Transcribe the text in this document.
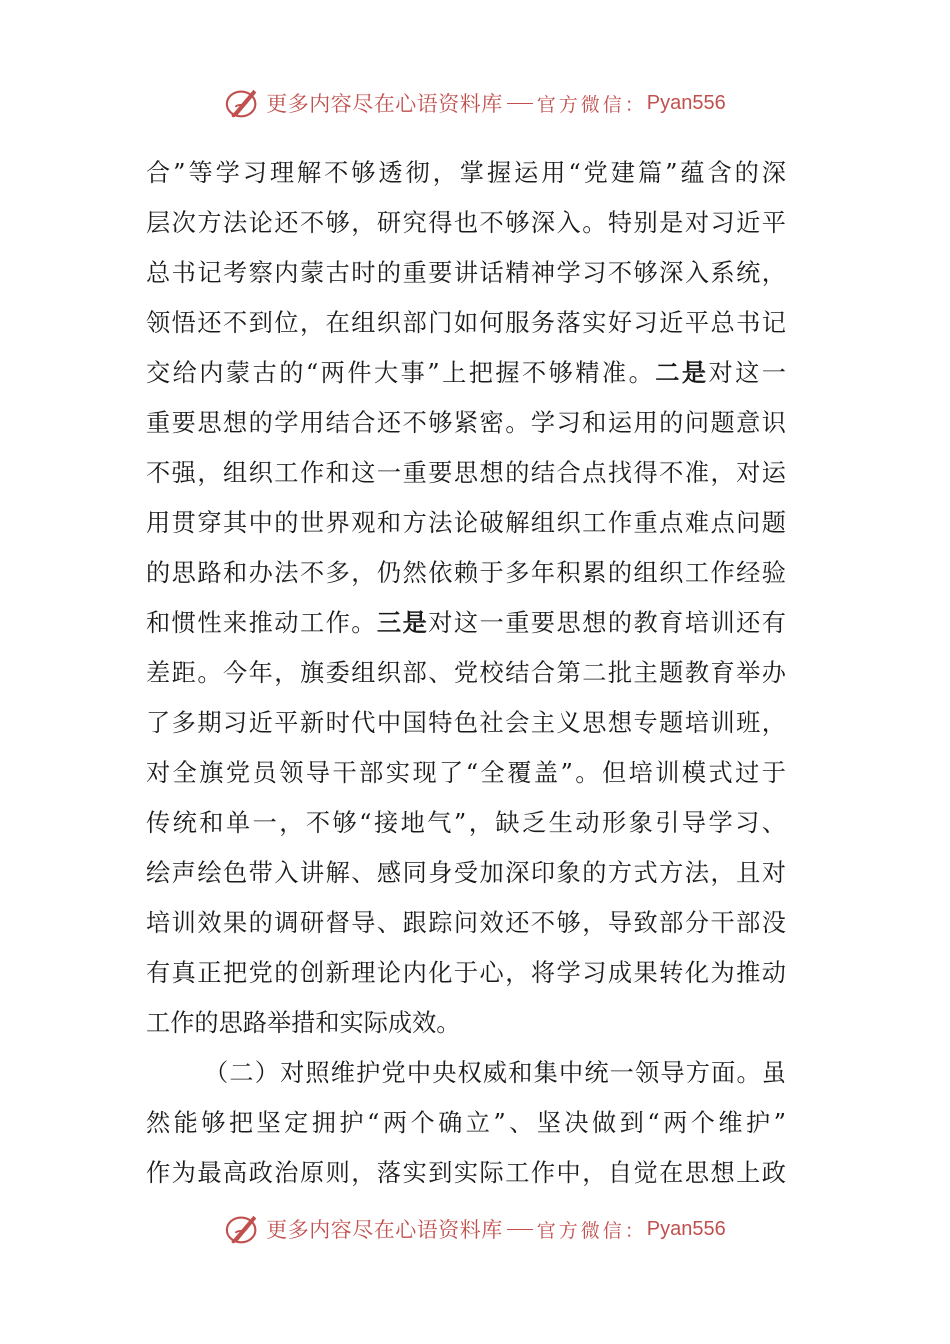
更多内容尽在心语资料库 官方微信： Pyan556
合”等学习理解不够透彻，掌握运用“党建篇”蕴含的深
层次方法论还不够，研究得也不够深入。特别是对习近平
总书记考察内蒙古时的重要讲话精神学习不够深入系统，
领悟还不到位，在组织部门如何服务落实好习近平总书记
交给内蒙古的“两件大事”上把握不够精准。二是对这一
重要思想的学用结合还不够紧密。学习和运用的问题意识
不强，组织工作和这一重要思想的结合点找得不准，对运
用贯穿其中的世界观和方法论破解组织工作重点难点问题
的思路和办法不多，仍然依赖于多年积累的组织工作经验
和惯性来推动工作。三是对这一重要思想的教育培训还有
差距。今年，旗委组织部、党校结合第二批主题教育举办
了多期习近平新时代中国特色社会主义思想专题培训班，
对全旗党员领导干部实现了“全覆盖”。但培训模式过于
传统和单一，不够“接地气”，缺乏生动形象引导学习、
绘声绘色带入讲解、感同身受加深印象的方式方法，且对
培训效果的调研督导、跟踪问效还不够，导致部分干部没
有真正把党的创新理论内化于心，将学习成果转化为推动
工作的思路举措和实际成效。
（二）对照维护党中央权威和集中统一领导方面。虽
然能够把坚定拥护“两个确立”、坚决做到“两个维护”
作为最高政治原则，落实到实际工作中，自觉在思想上政
更多内容尽在心语资料库 官方微信： Pyan556
